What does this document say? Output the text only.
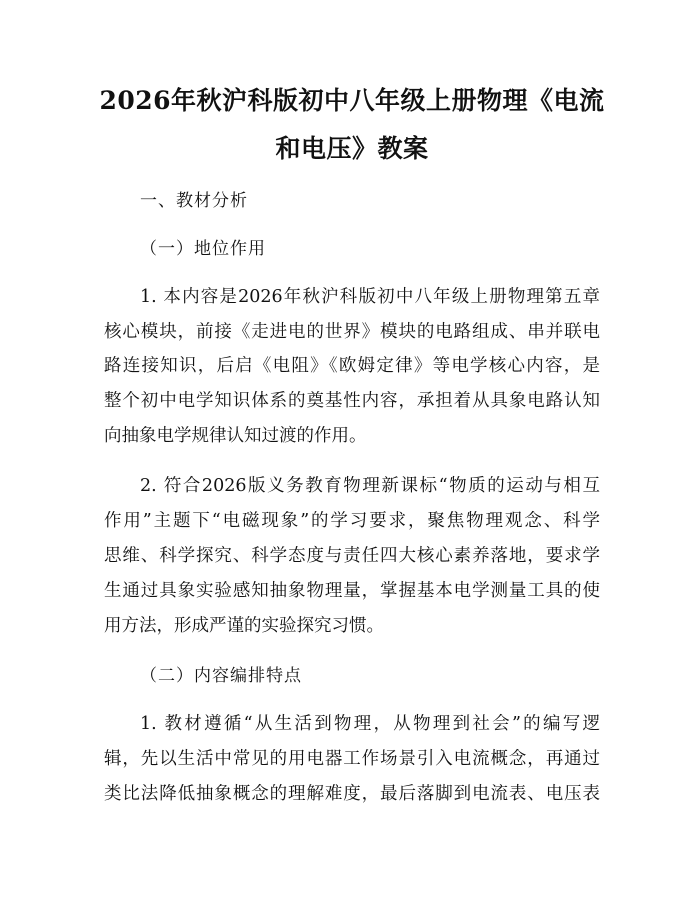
2026年秋沪科版初中八年级上册物理《电流
和电压》教案
一、教材分析
（一）地位作用
1. 本内容是2026年秋沪科版初中八年级上册物理第五章
核心模块，前接《走进电的世界》模块的电路组成、串并联电
路连接知识，后启《电阻》《欧姆定律》等电学核心内容，是
整个初中电学知识体系的奠基性内容，承担着从具象电路认知
向抽象电学规律认知过渡的作用。
2. 符合2026版义务教育物理新课标“物质的运动与相互
作用”主题下“电磁现象”的学习要求，聚焦物理观念、科学
思维、科学探究、科学态度与责任四大核心素养落地，要求学
生通过具象实验感知抽象物理量，掌握基本电学测量工具的使
用方法，形成严谨的实验探究习惯。
（二）内容编排特点
1. 教材遵循“从生活到物理，从物理到社会”的编写逻
辑，先以生活中常见的用电器工作场景引入电流概念，再通过
类比法降低抽象概念的理解难度，最后落脚到电流表、电压表
